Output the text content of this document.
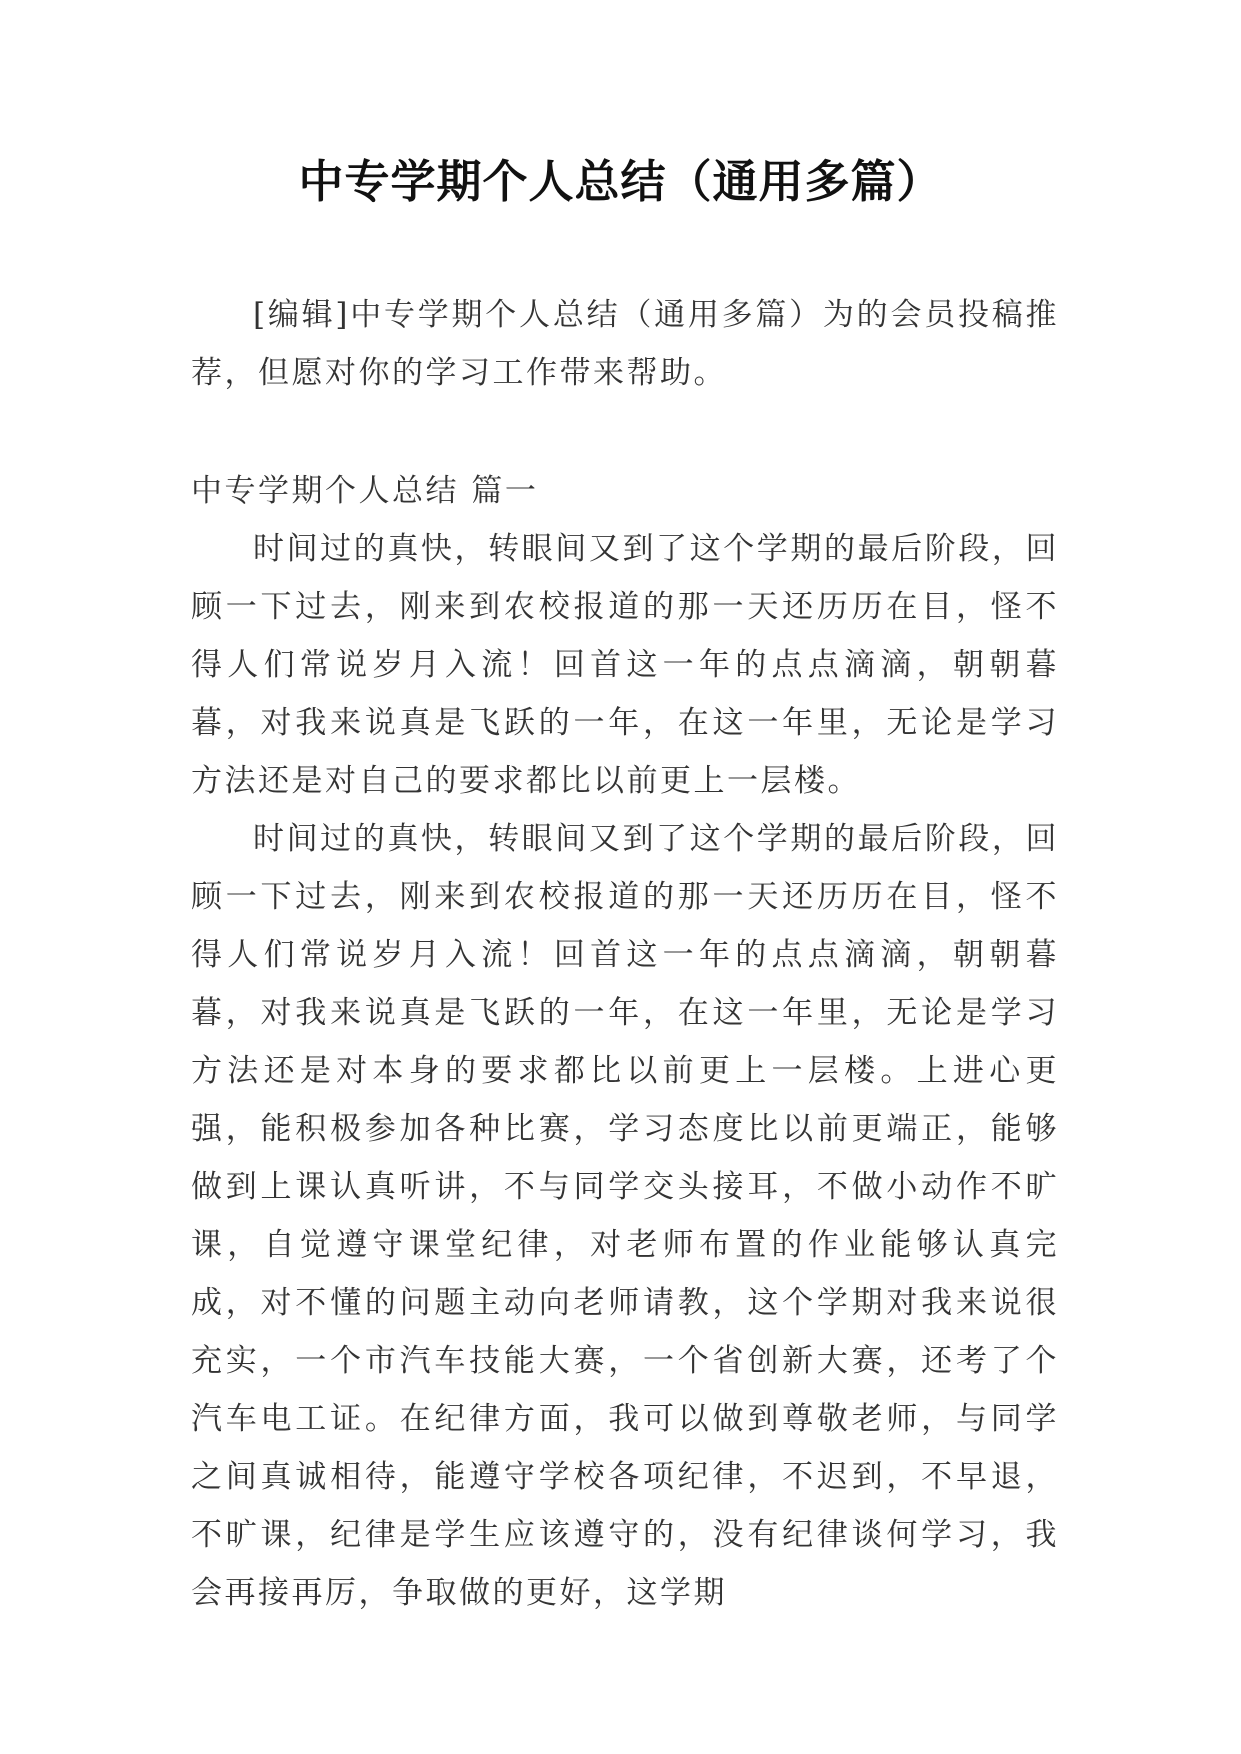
中专学期个人总结（通用多篇）

[编辑]中专学期个人总结（通用多篇）为的会员投稿推荐，但愿对你的学习工作带来帮助。

中专学期个人总结 篇一

时间过的真快，转眼间又到了这个学期的最后阶段，回顾一下过去，刚来到农校报道的那一天还历历在目，怪不得人们常说岁月入流！回首这一年的点点滴滴，朝朝暮暮，对我来说真是飞跃的一年，在这一年里，无论是学习方法还是对自己的要求都比以前更上一层楼。

时间过的真快，转眼间又到了这个学期的最后阶段，回顾一下过去，刚来到农校报道的那一天还历历在目，怪不得人们常说岁月入流！回首这一年的点点滴滴，朝朝暮暮，对我来说真是飞跃的一年，在这一年里，无论是学习方法还是对本身的要求都比以前更上一层楼。上进心更强，能积极参加各种比赛，学习态度比以前更端正，能够做到上课认真听讲，不与同学交头接耳，不做小动作不旷课，自觉遵守课堂纪律，对老师布置的作业能够认真完成，对不懂的问题主动向老师请教，这个学期对我来说很充实，一个市汽车技能大赛，一个省创新大赛，还考了个汽车电工证。在纪律方面，我可以做到尊敬老师，与同学之间真诚相待，能遵守学校各项纪律，不迟到，不早退，不旷课，纪律是学生应该遵守的，没有纪律谈何学习，我会再接再厉，争取做的更好，这学期
